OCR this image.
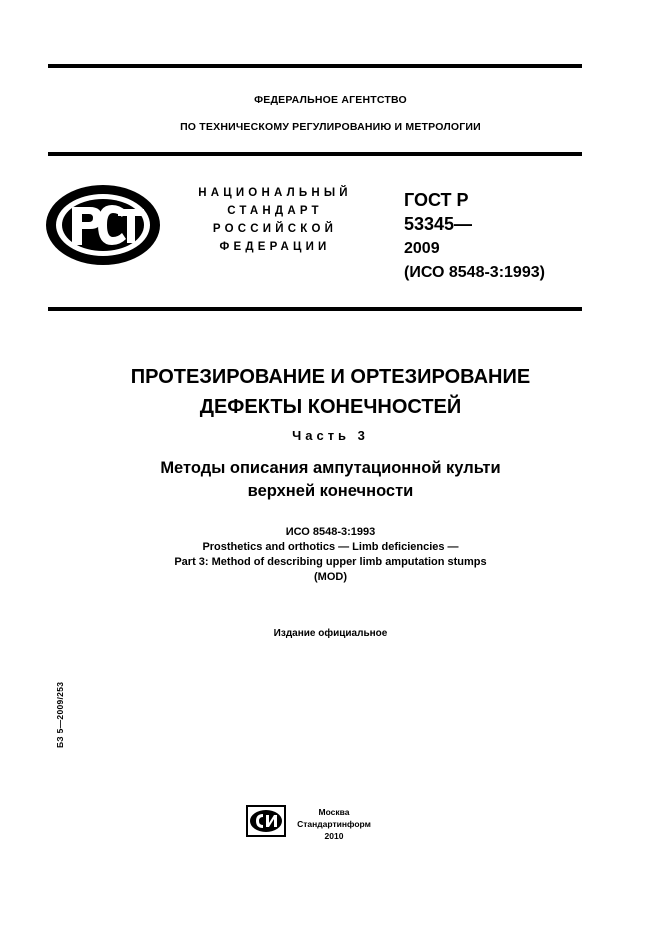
ФЕДЕРАЛЬНОЕ АГЕНТСТВО
ПО ТЕХНИЧЕСКОМУ РЕГУЛИРОВАНИЮ И МЕТРОЛОГИИ
НАЦИОНАЛЬНЫЙ
СТАНДАРТ
РОССИЙСКОЙ
ФЕДЕРАЦИИ
ГОСТ Р
53345—
2009
(ИСО 8548-3:1993)
ПРОТЕЗИРОВАНИЕ И ОРТЕЗИРОВАНИЕ
ДЕФЕКТЫ КОНЕЧНОСТЕЙ
Часть 3
Методы описания ампутационной культи
верхней конечности
ИСО 8548-3:1993
Prosthetics and orthotics — Limb deficiencies —
Part 3: Method of describing upper limb amputation stumps
(MOD)
Издание официальное
БЗ 5—2009/253
Москва
Стандартинформ
2010
